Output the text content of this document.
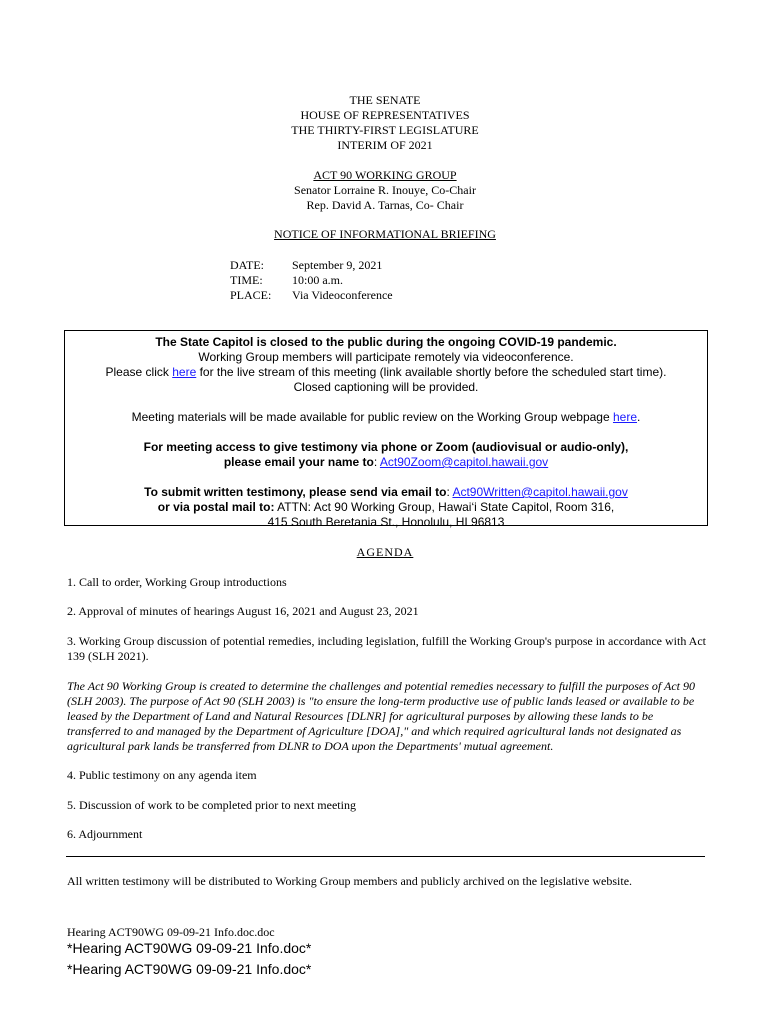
THE SENATE
HOUSE OF REPRESENTATIVES
THE THIRTY-FIRST LEGISLATURE
INTERIM OF 2021
ACT 90 WORKING GROUP
Senator Lorraine R. Inouye, Co-Chair
Rep. David A. Tarnas, Co- Chair
NOTICE OF INFORMATIONAL BRIEFING
DATE:	September 9, 2021
TIME:	10:00 a.m.
PLACE:	Via Videoconference

The State Capitol is closed to the public during the ongoing COVID-19 pandemic.

Working Group members will participate remotely via videoconference.

Please click here for the live stream of this meeting (link available shortly before the scheduled start time).

Closed captioning will be provided.

Meeting materials will be made available for public review on the Working Group webpage here.

For meeting access to give testimony via phone or Zoom (audiovisual or audio-only),

please email your name to: Act90Zoom@capitol.hawaii.gov

To submit written testimony, please send via email to: Act90Written@capitol.hawaii.gov

or via postal mail to: ATTN: Act 90 Working Group, Hawai‘i State Capitol, Room 316,

415 South Beretania St., Honolulu, HI 96813

AGENDA
1. Call to order, Working Group introductions
2. Approval of minutes of hearings August 16, 2021 and August 23, 2021
3. Working Group discussion of potential remedies, including legislation, fulfill the Working Group's purpose in accordance with Act 139 (SLH 2021).
The Act 90 Working Group is created to determine the challenges and potential remedies necessary to fulfill the purposes of Act 90 (SLH 2003). The purpose of Act 90 (SLH 2003) is "to ensure the long-term productive use of public lands leased or available to be leased by the Department of Land and Natural Resources [DLNR] for agricultural purposes by allowing these lands to be transferred to and managed by the Department of Agriculture [DOA]," and which required agricultural lands not designated as agricultural park lands be transferred from DLNR to DOA upon the Departments' mutual agreement.
4. Public testimony on any agenda item
5. Discussion of work to be completed prior to next meeting
6. Adjournment
All written testimony will be distributed to Working Group members and publicly archived on the legislative website.
Hearing ACT90WG 09-09-21 Info.doc.doc
*Hearing ACT90WG 09-09-21 Info.doc*
*Hearing ACT90WG 09-09-21 Info.doc*
